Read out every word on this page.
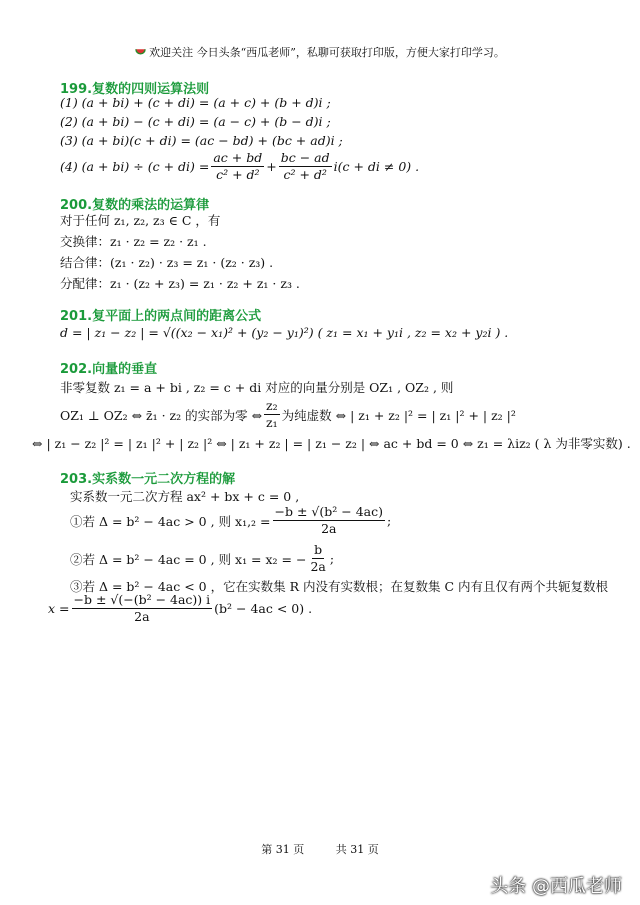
欢迎关注 今日头条“西瓜老师”，私聊可获取打印版，方便大家打印学习。
199.复数的四则运算法则
(1) (a + bi) + (c + di) = (a + c) + (b + d)i ;
(2) (a + bi) − (c + di) = (a − c) + (b − d)i ;
(3) (a + bi)(c + di) = (ac − bd) + (bc + ad)i ;
(4) $(a + bi) \div (c + di) = \frac{ac + bd}{\text{c² + d²}} + \frac{bc - ad}{\text{c² + d²}} i(c$ + di ≠ 0) .
200.复数的乘法的运算律
对于任何 z₁, z₂, z₃ ∈ C ，有
交换律：z₁ · z₂ = z₂ · z₁ .
结合律：(z₁ · z₂) · z₃ = z₁ · (z₂ · z₃) .
分配律：z₁ · (z₂ + z₃) = z₁ · z₂ + z₁ · z₃ .
201.复平面上的两点间的距离公式
d = | z₁ − z₂ | = √((x₂ − x₁)² + (y₂ − y₁)²) ( z₁ = x₁ + y₁i , z₂ = x₂ + y₂i ) .
202.向量的垂直
非零复数 z₁ = a + bi , z₂ = c + di 对应的向量分别是 OZ₁ , OZ₂ , 则
OZ₁ ⊥ OZ₂ ⇔ z̄₁ · z₂ 的实部为零 ⇔ $\frac{\text{z₂}}{\text{z₁}}$ 为纯虚数 ⇔ | z₁ + z₂ |² = | z₁ |² + | z₂ |²
⇔ | z₁ − z₂ |² = | z₁ |² + | z₂ |² ⇔ | z₁ + z₂ | = | z₁ − z₂ | ⇔ ac + bd = 0 ⇔ z₁ = λiz₂ ( λ 为非零实数) .
203.实系数一元二次方程的解
实系数一元二次方程 ax² + bx + c = 0 ,
①若 Δ = b² − 4ac > 0 , 则 $x_1,_2 = \frac{\text{−b ± √(b² − 4ac)}}{2a}$ ;
②若 Δ = b² − 4ac = 0 , 则 x₁ = x₂ = − $\frac{b}{2a}$ ;
③若 Δ = b² − 4ac < 0 ，它在实数集 R 内没有实数根；在复数集 C 内有且仅有两个共轭复数根
$x = \frac{\text{−b ± √(−(b² − 4ac)) i}}{2a} (b^2 - 4ac < 0)$ .
第 31 页	共 31 页
头条 @西瓜老师
